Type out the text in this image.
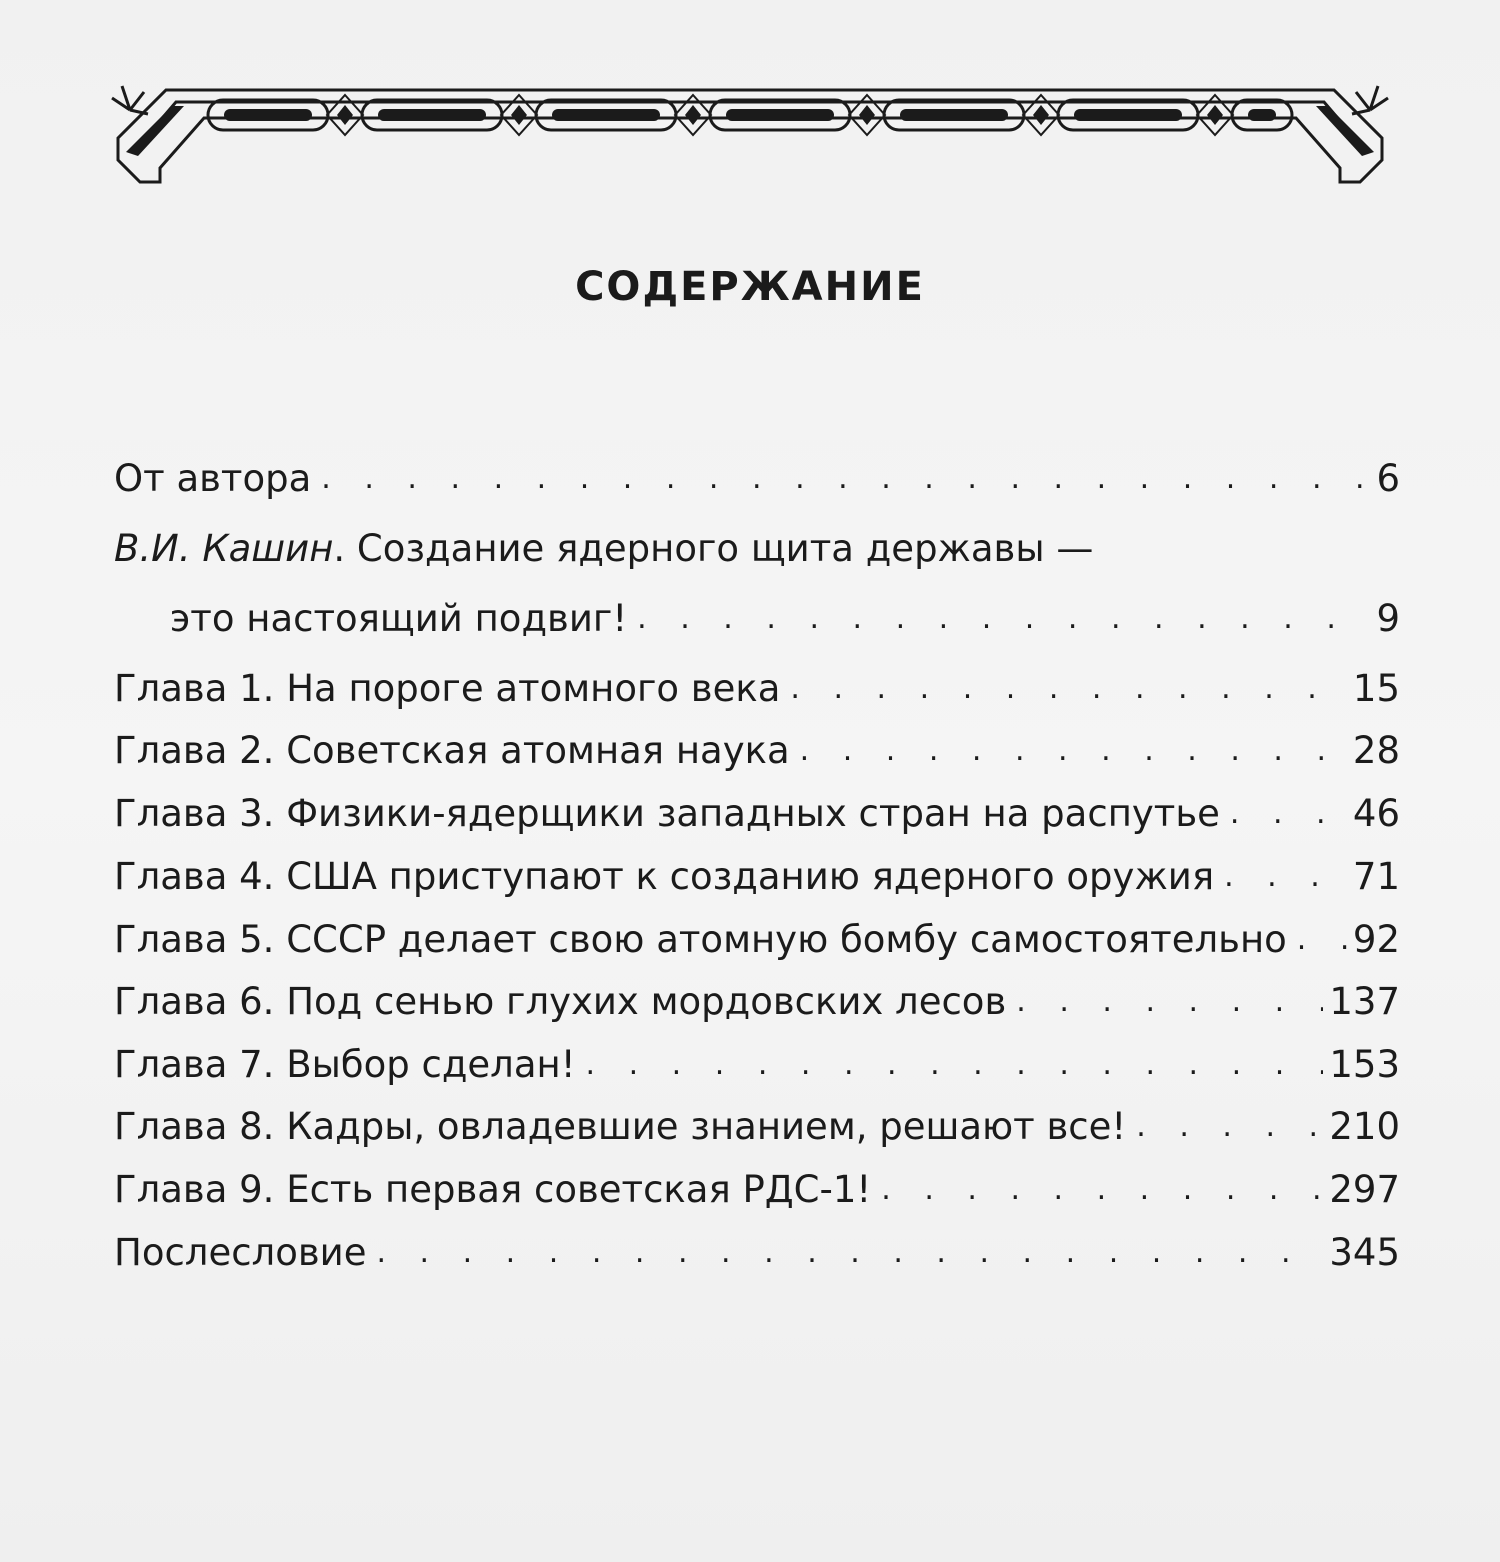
СОДЕРЖАНИЕ
От автора . . .	6
В.И. Кашин. Создание ядерного щита державы —
это настоящий подвиг! . . .	9
Глава 1. На пороге атомного века . . .	15
Глава 2. Советская атомная наука . . .	28
Глава 3. Физики-ядерщики западных стран на распутье . . .	46
Глава 4. США приступают к созданию ядерного оружия . . .	71
Глава 5. СССР делает свою атомную бомбу самостоятельно . . . 92
Глава 6. Под сенью глухих мордовских лесов . . .	137
Глава 7. Выбор сделан! . . .	153
Глава 8. Кадры, овладевшие знанием, решают все! . . .	210
Глава 9. Есть первая советская РДС-1! . . .	297
Послесловие . . .	345
